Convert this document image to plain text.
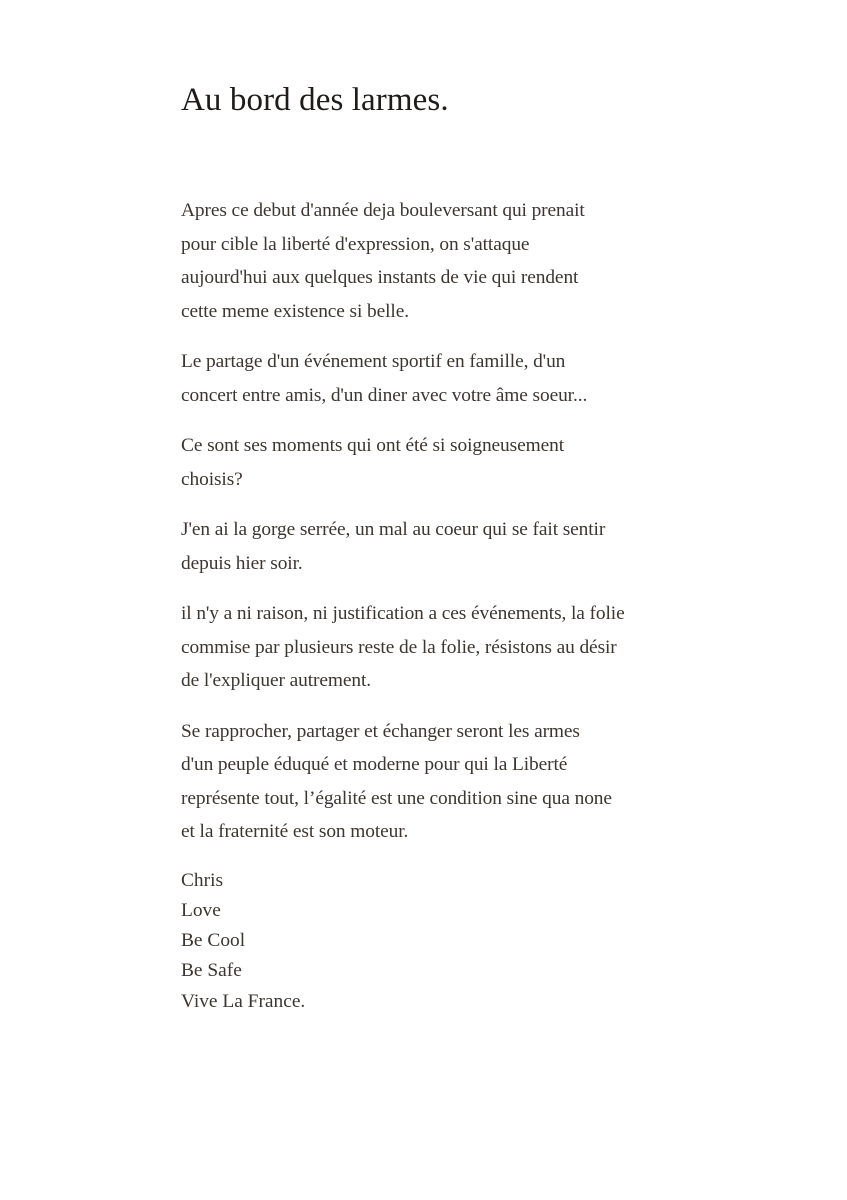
Au bord des larmes.

Apres ce debut d'année deja bouleversant qui prenait
pour cible la liberté d'expression, on s'attaque
aujourd'hui aux quelques instants de vie qui rendent
cette meme existence si belle.

Le partage d'un événement sportif en famille, d'un
concert entre amis, d'un diner avec votre âme soeur...

Ce sont ses moments qui ont été si soigneusement
choisis?

J'en ai la gorge serrée, un mal au coeur qui se fait sentir
depuis hier soir.

il n'y a ni raison, ni justification a ces événements, la folie
commise par plusieurs reste de la folie, résistons au désir
de l'expliquer autrement.

Se rapprocher, partager et échanger seront les armes
d'un peuple éduqué et moderne pour qui la Liberté
représente tout, l’égalité est une condition sine qua none
et la fraternité est son moteur.

Chris
Love
Be Cool
Be Safe
Vive La France.
